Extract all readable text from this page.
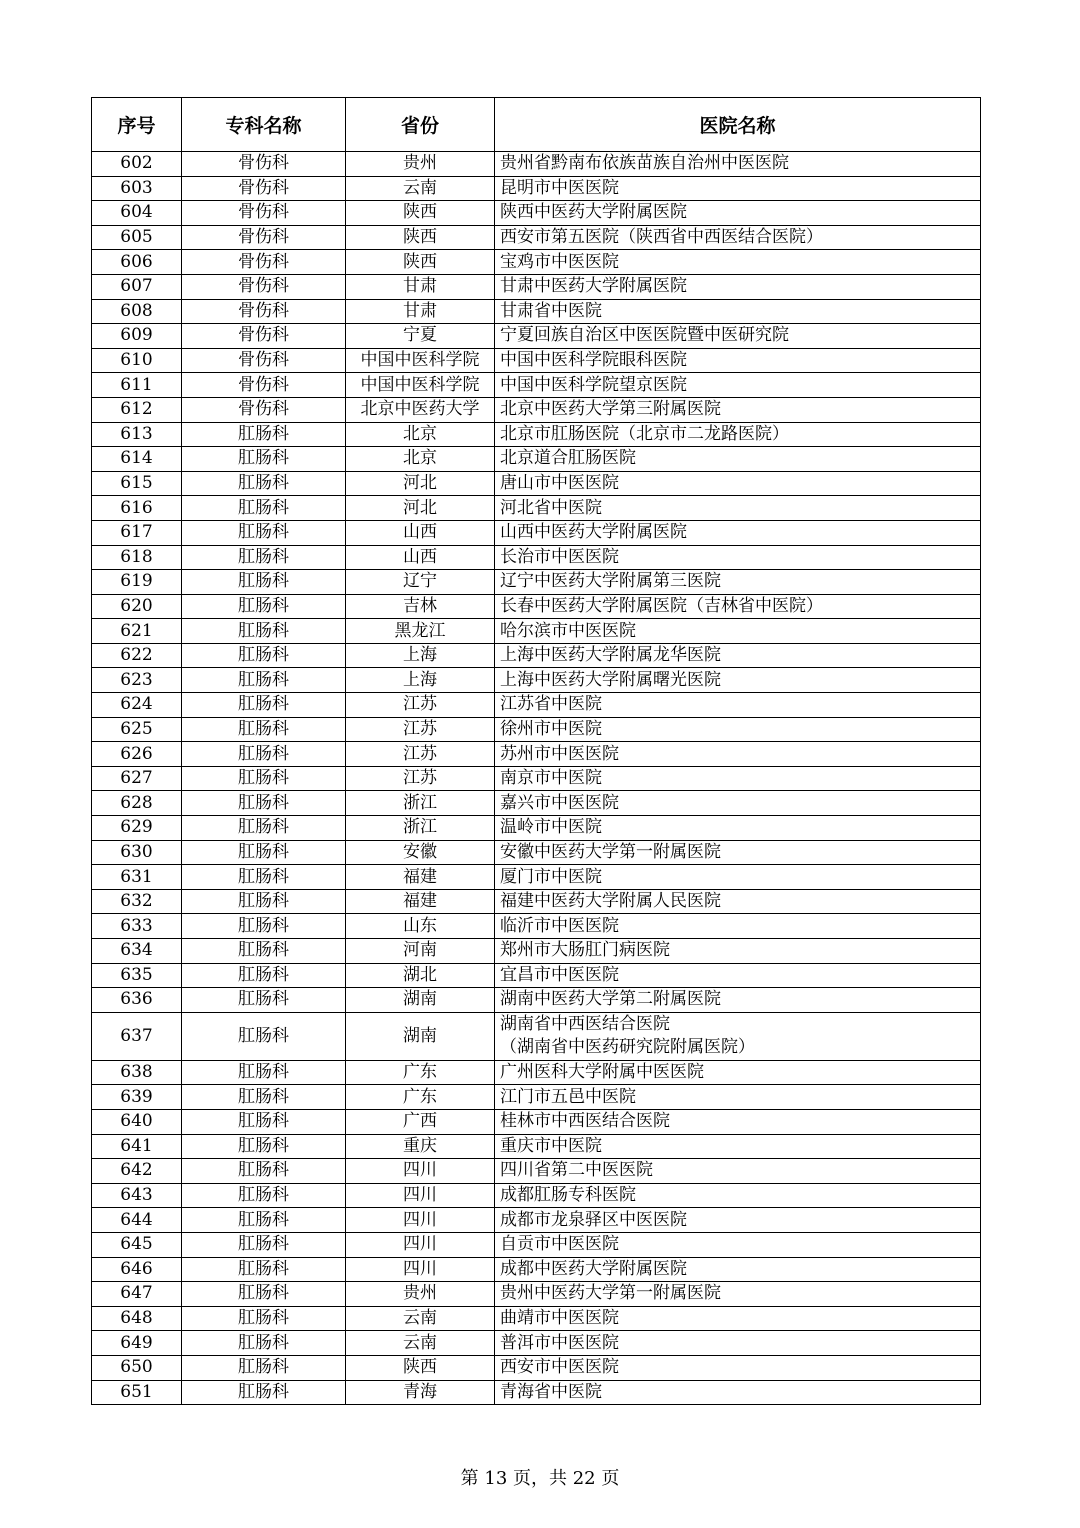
序号	专科名称	省份	医院名称
602	骨伤科	贵州	贵州省黔南布依族苗族自治州中医医院
603	骨伤科	云南	昆明市中医医院
604	骨伤科	陕西	陕西中医药大学附属医院
605	骨伤科	陕西	西安市第五医院（陕西省中西医结合医院）
606	骨伤科	陕西	宝鸡市中医医院
607	骨伤科	甘肃	甘肃中医药大学附属医院
608	骨伤科	甘肃	甘肃省中医院
609	骨伤科	宁夏	宁夏回族自治区中医医院暨中医研究院
610	骨伤科	中国中医科学院	中国中医科学院眼科医院
611	骨伤科	中国中医科学院	中国中医科学院望京医院
612	骨伤科	北京中医药大学	北京中医药大学第三附属医院
613	肛肠科	北京	北京市肛肠医院（北京市二龙路医院）
614	肛肠科	北京	北京道合肛肠医院
615	肛肠科	河北	唐山市中医医院
616	肛肠科	河北	河北省中医院
617	肛肠科	山西	山西中医药大学附属医院
618	肛肠科	山西	长治市中医医院
619	肛肠科	辽宁	辽宁中医药大学附属第三医院
620	肛肠科	吉林	长春中医药大学附属医院（吉林省中医院）
621	肛肠科	黑龙江	哈尔滨市中医医院
622	肛肠科	上海	上海中医药大学附属龙华医院
623	肛肠科	上海	上海中医药大学附属曙光医院
624	肛肠科	江苏	江苏省中医院
625	肛肠科	江苏	徐州市中医院
626	肛肠科	江苏	苏州市中医医院
627	肛肠科	江苏	南京市中医院
628	肛肠科	浙江	嘉兴市中医医院
629	肛肠科	浙江	温岭市中医院
630	肛肠科	安徽	安徽中医药大学第一附属医院
631	肛肠科	福建	厦门市中医院
632	肛肠科	福建	福建中医药大学附属人民医院
633	肛肠科	山东	临沂市中医医院
634	肛肠科	河南	郑州市大肠肛门病医院
635	肛肠科	湖北	宜昌市中医医院
636	肛肠科	湖南	湖南中医药大学第二附属医院
637	肛肠科	湖南	湖南省中西医结合医院
（湖南省中医药研究院附属医院）

638	肛肠科	广东	广州医科大学附属中医医院
639	肛肠科	广东	江门市五邑中医院
640	肛肠科	广西	桂林市中西医结合医院
641	肛肠科	重庆	重庆市中医院
642	肛肠科	四川	四川省第二中医医院
643	肛肠科	四川	成都肛肠专科医院
644	肛肠科	四川	成都市龙泉驿区中医医院
645	肛肠科	四川	自贡市中医医院
646	肛肠科	四川	成都中医药大学附属医院
647	肛肠科	贵州	贵州中医药大学第一附属医院
648	肛肠科	云南	曲靖市中医医院
649	肛肠科	云南	普洱市中医医院
650	肛肠科	陕西	西安市中医医院
651	肛肠科	青海	青海省中医院
第 13 页，共 22 页
